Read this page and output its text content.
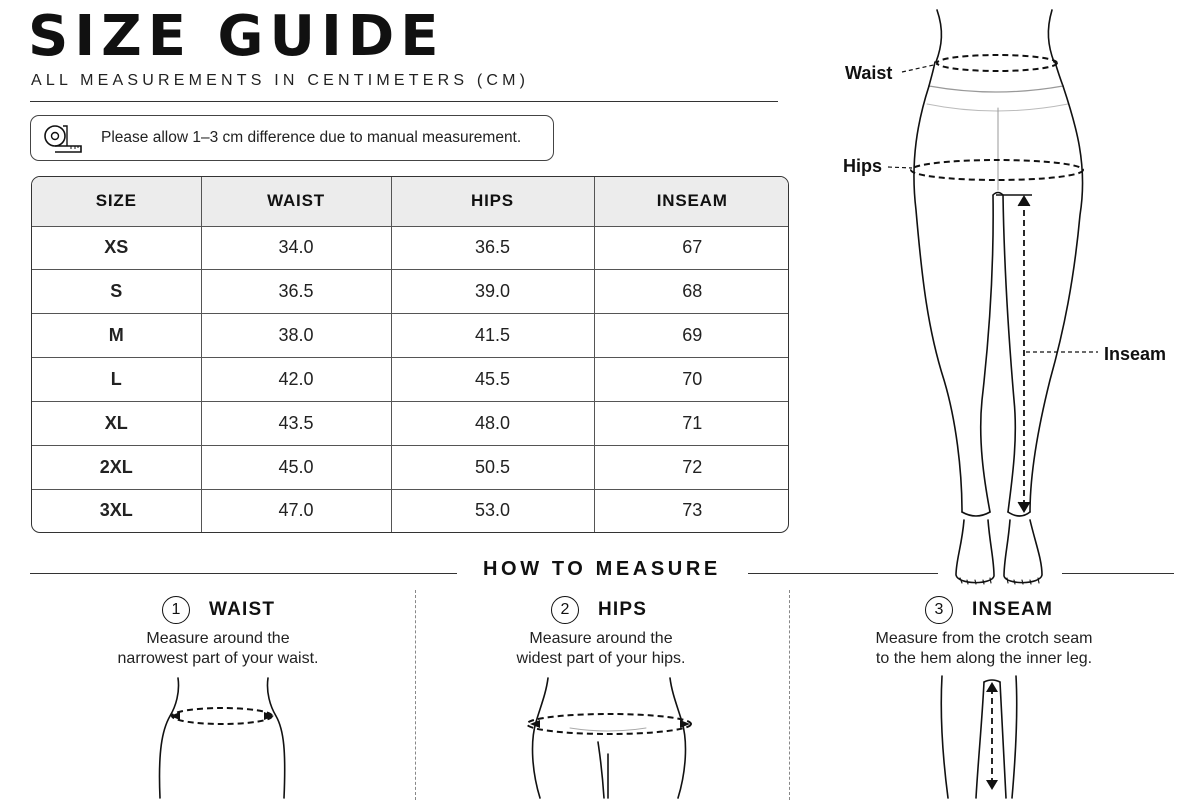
SIZE GUIDE
ALL MEASUREMENTS IN CENTIMETERS (CM)
Please allow 1–3 cm difference due to manual measurement.
SIZE	WAIST	HIPS	INSEAM
XS	34.0	36.5	67
S	36.5	39.0	68
M	38.0	41.5	69
L	42.0	45.5	70
XL	43.5	48.0	71
2XL	45.0	50.5	72
3XL	47.0	53.0	73
Waist
Hips
Inseam
HOW TO MEASURE
1	WAIST
Measure around the
narrowest part of your waist.
2	HIPS
Measure around the
widest part of your hips.
3	INSEAM
Measure from the crotch seam
to the hem along the inner leg.
